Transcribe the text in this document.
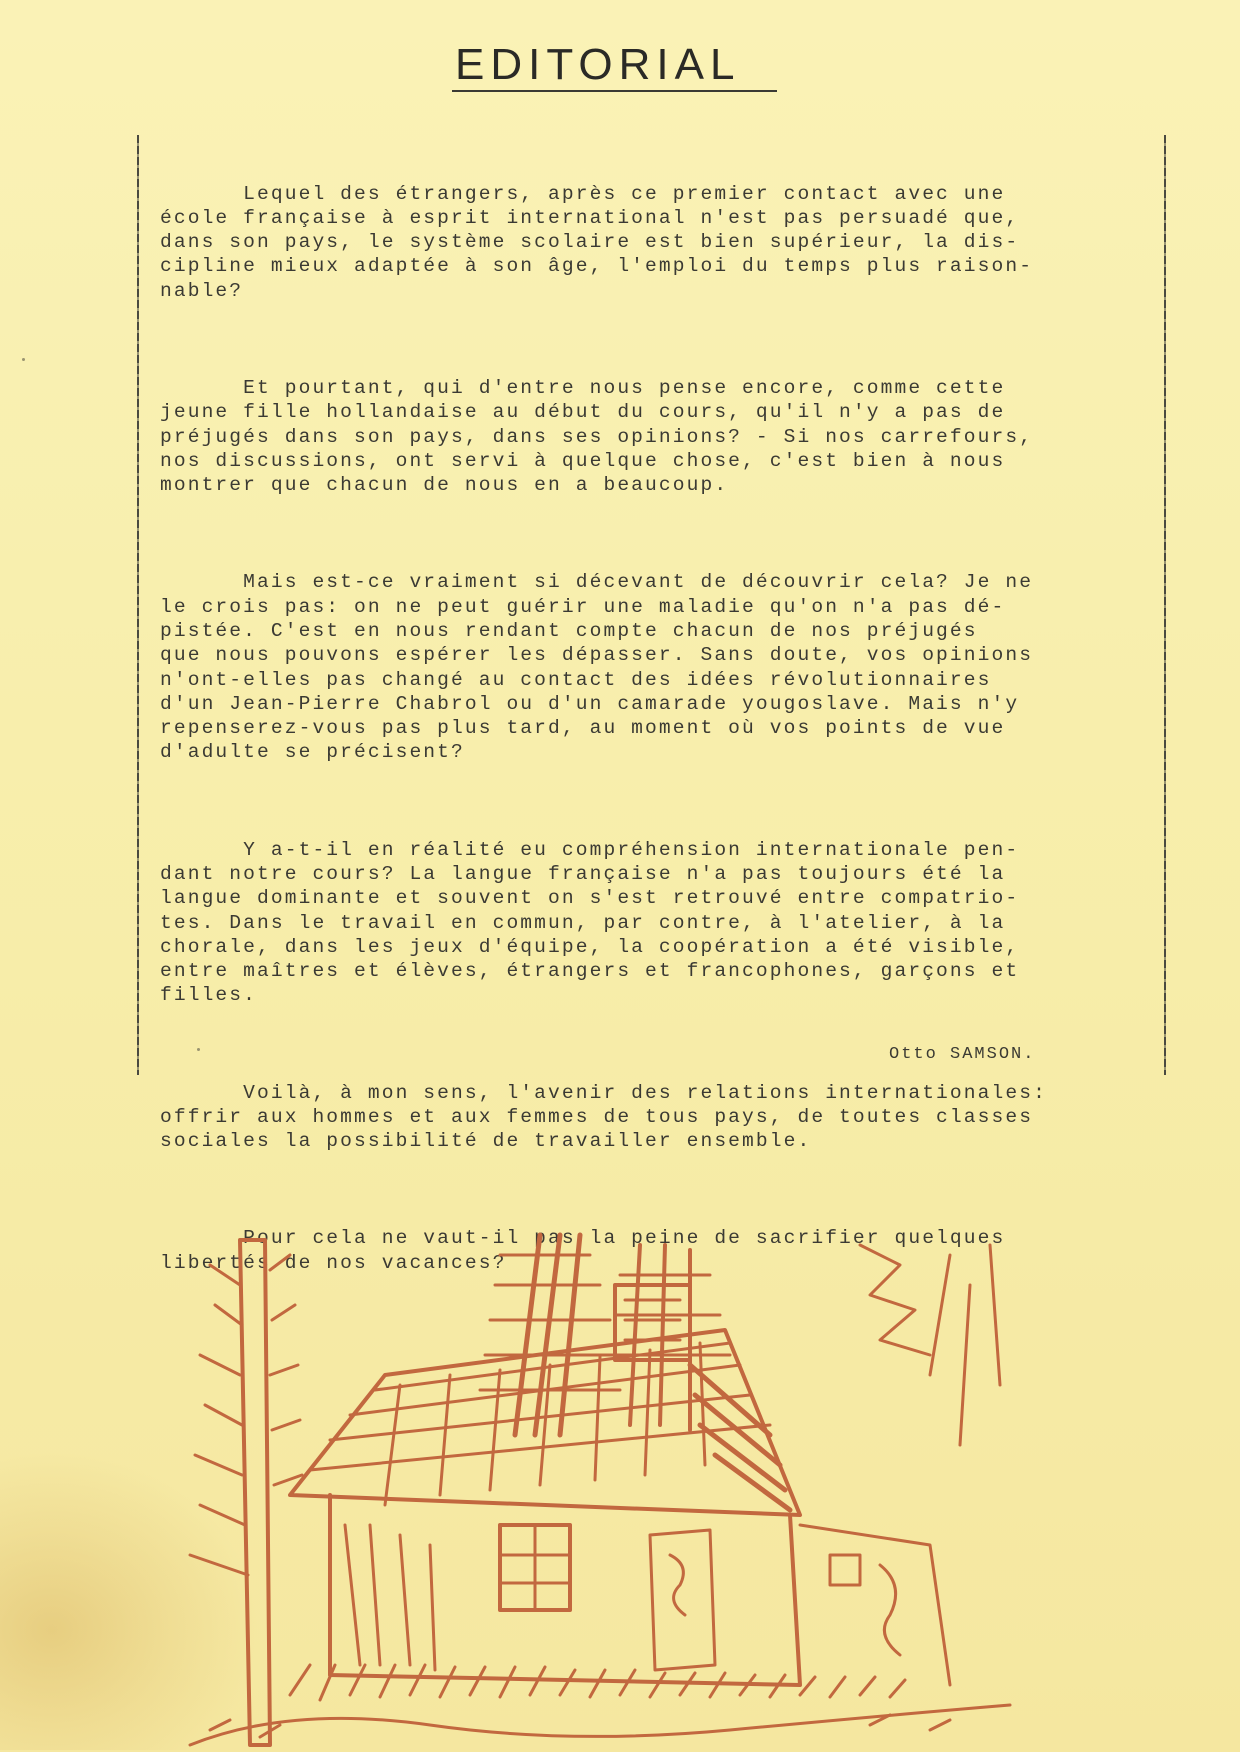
EDITORIAL

Lequel des étrangers, après ce premier contact avec une
école française à esprit international n'est pas persuadé que,
dans son pays, le système scolaire est bien supérieur, la dis-
cipline mieux adaptée à son âge, l'emploi du temps plus raison-
nable?

Et pourtant, qui d'entre nous pense encore, comme cette
jeune fille hollandaise au début du cours, qu'il n'y a pas de
préjugés dans son pays, dans ses opinions? - Si nos carrefours,
nos discussions, ont servi à quelque chose, c'est bien à nous
montrer que chacun de nous en a beaucoup.

Mais est-ce vraiment si décevant de découvrir cela? Je ne
le crois pas: on ne peut guérir une maladie qu'on n'a pas dé-
pistée. C'est en nous rendant compte chacun de nos préjugés
que nous pouvons espérer les dépasser. Sans doute, vos opinions
n'ont-elles pas changé au contact des idées révolutionnaires
d'un Jean-Pierre Chabrol ou d'un camarade yougoslave. Mais n'y
repenserez-vous pas plus tard, au moment où vos points de vue
d'adulte se précisent?

Y a-t-il en réalité eu compréhension internationale pen-
dant notre cours? La langue française n'a pas toujours été la
langue dominante et souvent on s'est retrouvé entre compatrio-
tes. Dans le travail en commun, par contre, à l'atelier, à la
chorale, dans les jeux d'équipe, la coopération a été visible,
entre maîtres et élèves, étrangers et francophones, garçons et
filles.

Voilà, à mon sens, l'avenir des relations internationales:
offrir aux hommes et aux femmes de tous pays, de toutes classes
sociales la possibilité de travailler ensemble.

Pour cela ne vaut-il pas la peine de sacrifier quelques
libertés de nos vacances?

Otto SAMSON.
